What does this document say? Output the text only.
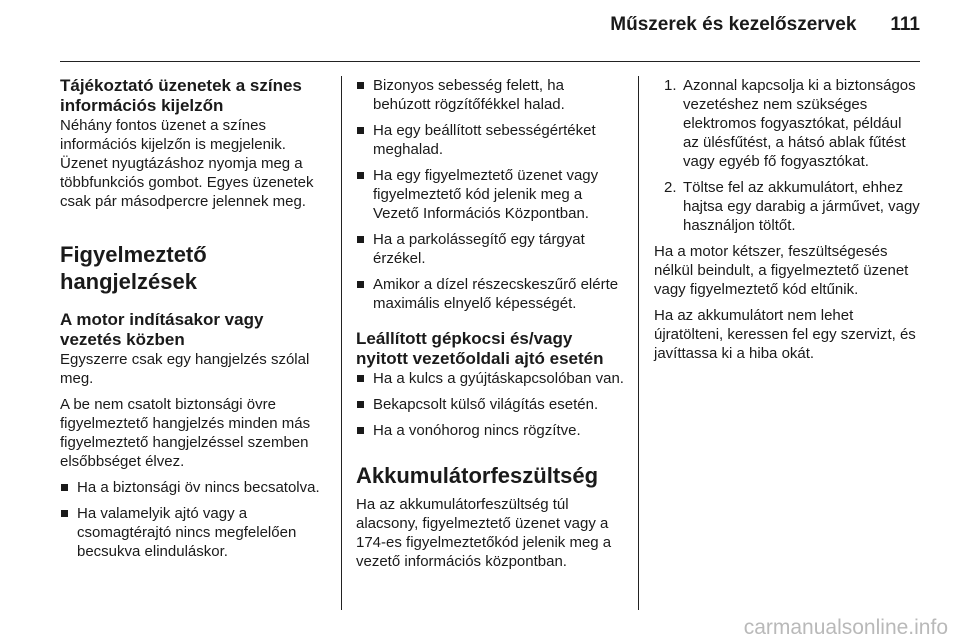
Műszerek és kezelőszervek 111
Tájékoztató üzenetek a színes információs kijelzőn

Néhány fontos üzenet a színes információs kijelzőn is megjelenik. Üzenet nyugtázáshoz nyomja meg a többfunkciós gombot. Egyes üzenetek csak pár másodpercre jelennek meg.

Figyelmeztető hangjelzések
A motor indításakor vagy vezetés közben

Egyszerre csak egy hangjelzés szólal meg.

A be nem csatolt biztonsági övre figyelmeztető hangjelzés minden más figyelmeztető hangjelzéssel szemben elsőbbséget élvez.

Ha a biztonsági öv nincs becsatolva.
Ha valamelyik ajtó vagy a csomagtérajtó nincs megfelelően becsukva elinduláskor.
Bizonyos sebesség felett, ha behúzott rögzítőfékkel halad.
Ha egy beállított sebességértéket meghalad.
Ha egy figyelmeztető üzenet vagy figyelmeztető kód jelenik meg a Vezető Információs Központban.
Ha a parkolássegítő egy tárgyat érzékel.
Amikor a dízel részecskeszűrő elérte maximális elnyelő képességét.
Leállított gépkocsi és/vagy nyitott vezetőoldali ajtó esetén
Ha a kulcs a gyújtáskapcsolóban van.
Bekapcsolt külső világítás esetén.
Ha a vonóhorog nincs rögzítve.
Akkumulátorfeszültség

Ha az akkumulátorfeszültség túl alacsony, figyelmeztető üzenet vagy a 174-es figyelmeztetőkód jelenik meg a vezető információs központban.

1. Azonnal kapcsolja ki a biztonságos vezetéshez nem szükséges elektromos fogyasztókat, például az ülésfűtést, a hátsó ablak fűtést vagy egyéb fő fogyasztókat.
2. Töltse fel az akkumulátort, ehhez hajtsa egy darabig a járművet, vagy használjon töltőt.

Ha a motor kétszer, feszültségesés nélkül beindult, a figyelmeztető üzenet vagy figyelmeztető kód eltűnik.

Ha az akkumulátort nem lehet újratölteni, keressen fel egy szervizt, és javíttassa ki a hiba okát.

carmanualsonline.info
